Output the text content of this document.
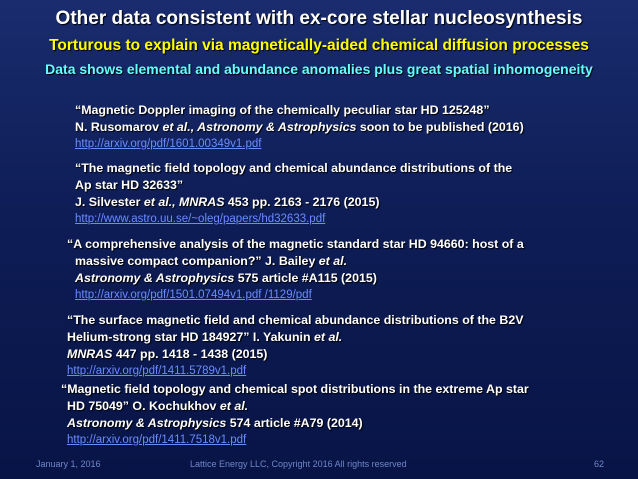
Other data consistent with ex-core stellar nucleosynthesis
Torturous to explain via magnetically-aided chemical diffusion processes
Data shows elemental and abundance anomalies plus great spatial inhomogeneity
“Magnetic Doppler imaging of the chemically peculiar star HD 125248”
N. Rusomarov et al., Astronomy & Astrophysics soon to be published (2016)
http://arxiv.org/pdf/1601.00349v1.pdf
“The magnetic field topology and chemical abundance distributions of the
Ap star HD 32633”
J. Silvester et al., MNRAS 453 pp. 2163 - 2176 (2015)
http://www.astro.uu.se/~oleg/papers/hd32633.pdf
“A comprehensive analysis of the magnetic standard star HD 94660: host of a
massive compact companion?” J. Bailey et al.
Astronomy & Astrophysics 575 article #A115 (2015)
http://arxiv.org/pdf/1501.07494v1.pdf /1129/pdf
“The surface magnetic field and chemical abundance distributions of the B2V
Helium-strong star HD 184927” I. Yakunin et al.
MNRAS 447 pp. 1418 - 1438 (2015)
http://arxiv.org/pdf/1411.5789v1.pdf
“Magnetic field topology and chemical spot distributions in the extreme Ap star
HD 75049” O. Kochukhov et al.
Astronomy & Astrophysics 574 article #A79 (2014)
http://arxiv.org/pdf/1411.7518v1.pdf
January 1, 2016	Lattice Energy LLC, Copyright 2016 All rights reserved	62
